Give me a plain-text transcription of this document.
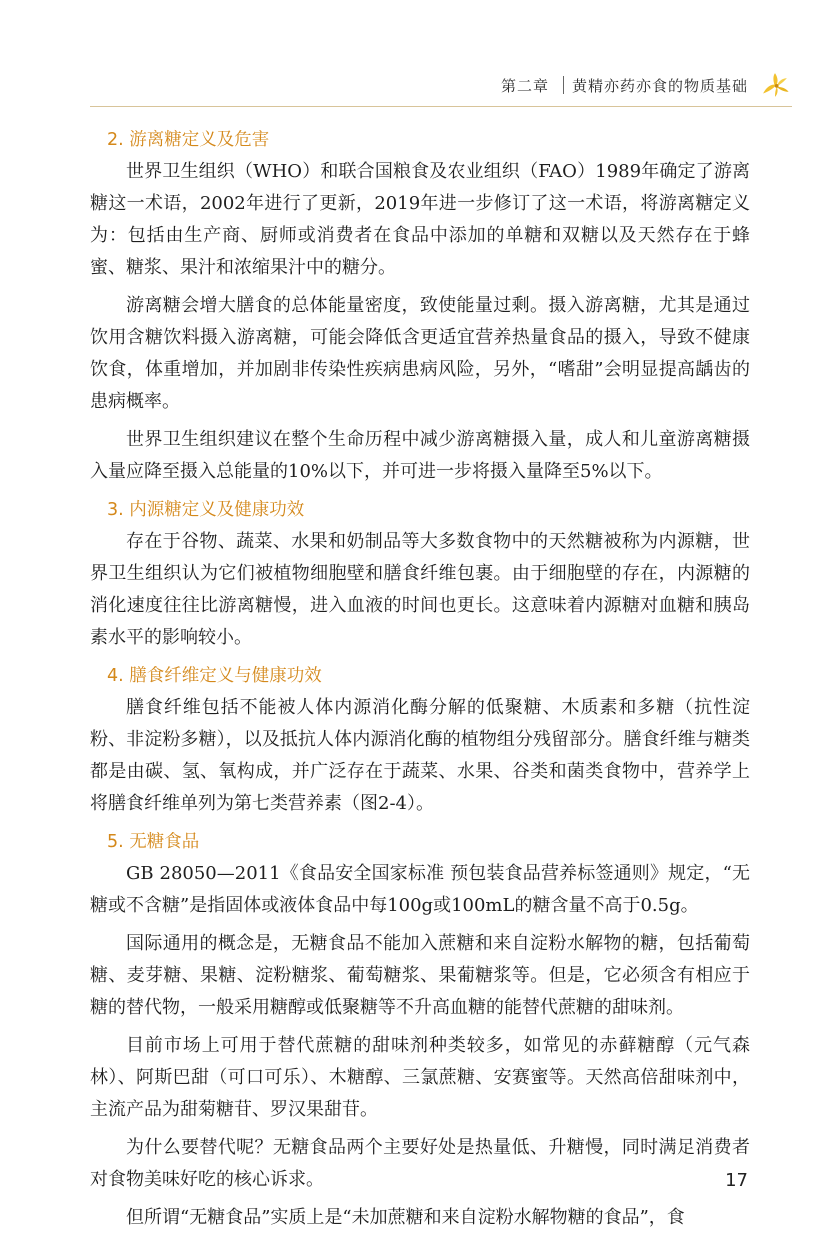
第二章 黄精亦药亦食的物质基础
2. 游离糖定义及危害

世界卫生组织（WHO）和联合国粮食及农业组织（FAO）1989年确定了游离糖这一术语，2002年进行了更新，2019年进一步修订了这一术语，将游离糖定义为：包括由生产商、厨师或消费者在食品中添加的单糖和双糖以及天然存在于蜂蜜、糖浆、果汁和浓缩果汁中的糖分。

游离糖会增大膳食的总体能量密度，致使能量过剩。摄入游离糖，尤其是通过饮用含糖饮料摄入游离糖，可能会降低含更适宜营养热量食品的摄入，导致不健康饮食，体重增加，并加剧非传染性疾病患病风险，另外，“嗜甜”会明显提高龋齿的患病概率。

世界卫生组织建议在整个生命历程中减少游离糖摄入量，成人和儿童游离糖摄入量应降至摄入总能量的10%以下，并可进一步将摄入量降至5%以下。

3. 内源糖定义及健康功效

存在于谷物、蔬菜、水果和奶制品等大多数食物中的天然糖被称为内源糖，世界卫生组织认为它们被植物细胞壁和膳食纤维包裹。由于细胞壁的存在，内源糖的消化速度往往比游离糖慢，进入血液的时间也更长。这意味着内源糖对血糖和胰岛素水平的影响较小。

4. 膳食纤维定义与健康功效

膳食纤维包括不能被人体内源消化酶分解的低聚糖、木质素和多糖（抗性淀粉、非淀粉多糖），以及抵抗人体内源消化酶的植物组分残留部分。膳食纤维与糖类都是由碳、氢、氧构成，并广泛存在于蔬菜、水果、谷类和菌类食物中，营养学上将膳食纤维单列为第七类营养素（图2-4）。

5. 无糖食品

GB 28050—2011《食品安全国家标准 预包装食品营养标签通则》规定，“无糖或不含糖”是指固体或液体食品中每100g或100mL的糖含量不高于0.5g。

国际通用的概念是，无糖食品不能加入蔗糖和来自淀粉水解物的糖，包括葡萄糖、麦芽糖、果糖、淀粉糖浆、葡萄糖浆、果葡糖浆等。但是，它必须含有相应于糖的替代物，一般采用糖醇或低聚糖等不升高血糖的能替代蔗糖的甜味剂。

目前市场上可用于替代蔗糖的甜味剂种类较多，如常见的赤藓糖醇（元气森林）、阿斯巴甜（可口可乐）、木糖醇、三氯蔗糖、安赛蜜等。天然高倍甜味剂中，主流产品为甜菊糖苷、罗汉果甜苷。

为什么要替代呢？无糖食品两个主要好处是热量低、升糖慢，同时满足消费者对食物美味好吃的核心诉求。

但所谓“无糖食品”实质上是“未加蔗糖和来自淀粉水解物糖的食品”，食

17
